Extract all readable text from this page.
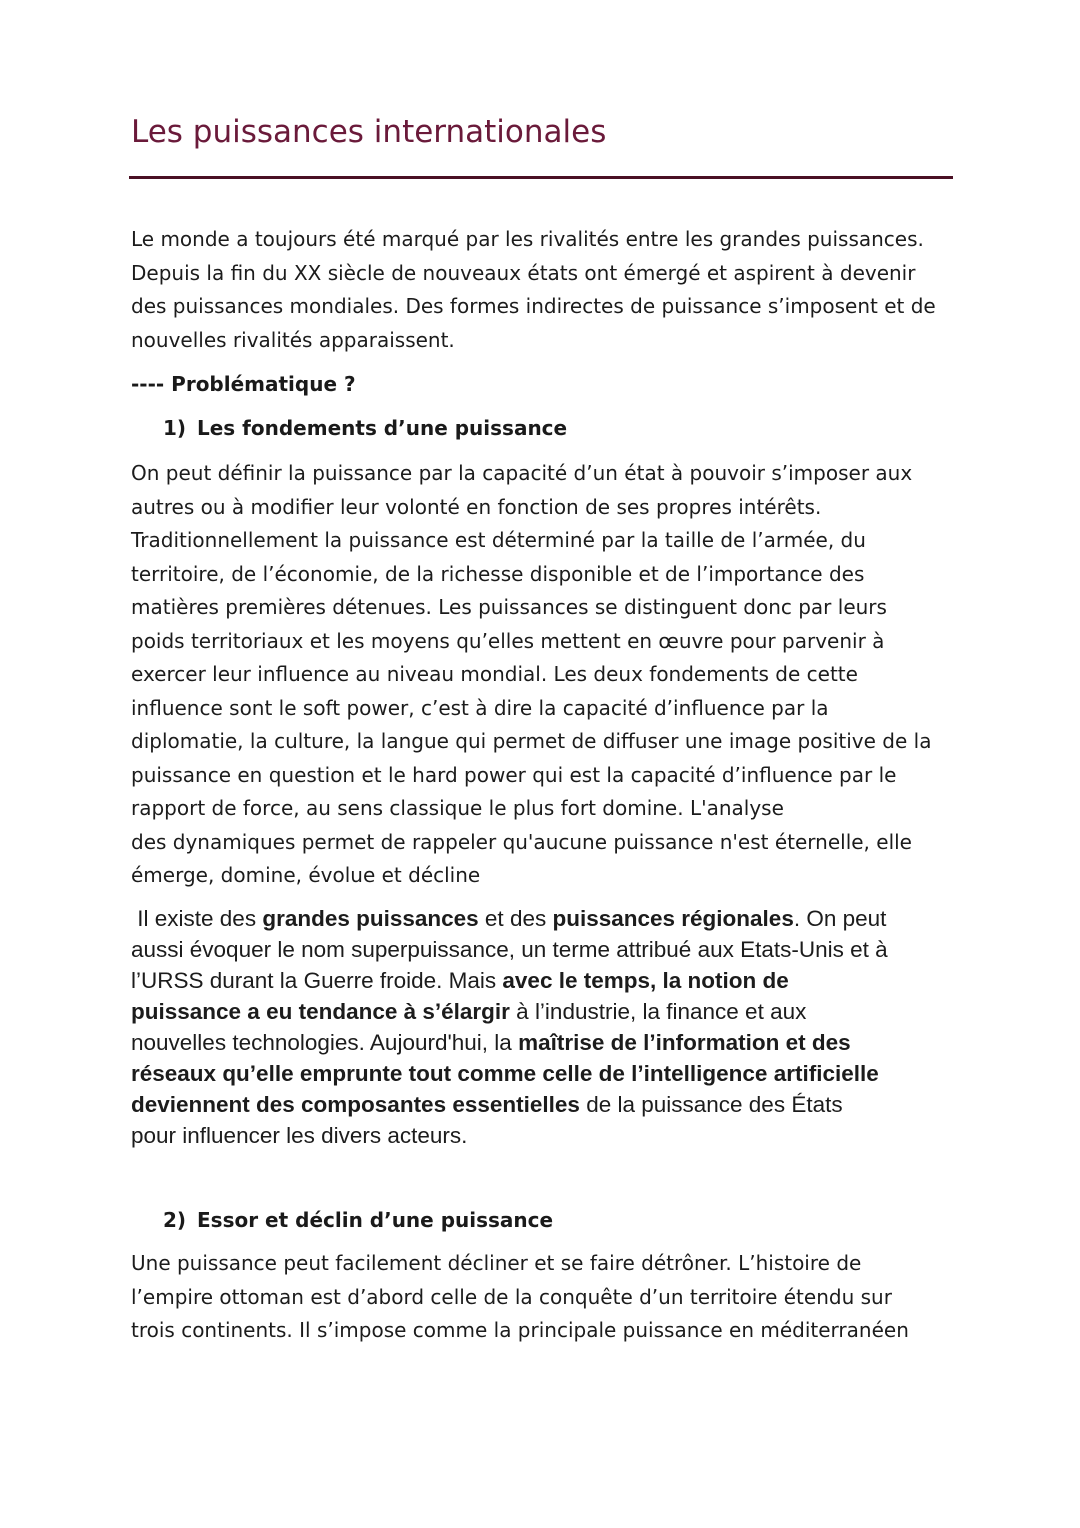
Les puissances internationales

Le monde a toujours été marqué par les rivalités entre les grandes puissances.
Depuis la fin du XX siècle de nouveaux états ont émergé et aspirent à devenir
des puissances mondiales. Des formes indirectes de puissance s’imposent et de
nouvelles rivalités apparaissent.

---- Problématique ?

1) Les fondements d’une puissance

On peut définir la puissance par la capacité d’un état à pouvoir s’imposer aux
autres ou à modifier leur volonté en fonction de ses propres intérêts.
Traditionnellement la puissance est déterminé par la taille de l’armée, du
territoire, de l’économie, de la richesse disponible et de l’importance des
matières premières détenues. Les puissances se distinguent donc par leurs
poids territoriaux et les moyens qu’elles mettent en œuvre pour parvenir à
exercer leur influence au niveau mondial. Les deux fondements de cette
influence sont le soft power, c’est à dire la capacité d’influence par la
diplomatie, la culture, la langue qui permet de diffuser une image positive de la
puissance en question et le hard power qui est la capacité d’influence par le
rapport de force, au sens classique le plus fort domine. L'analyse
des dynamiques permet de rappeler qu'aucune puissance n'est éternelle, elle
émerge, domine, évolue et décline

Il existe des grandes puissances et des puissances régionales. On peut
aussi évoquer le nom superpuissance, un terme attribué aux Etats-Unis et à
l’URSS durant la Guerre froide. Mais avec le temps, la notion de
puissance a eu tendance à s’élargir à l’industrie, la finance et aux
nouvelles technologies. Aujourd'hui, la maîtrise de l’information et des
réseaux qu’elle emprunte tout comme celle de l’intelligence artificielle
deviennent des composantes essentielles de la puissance des États
pour influencer les divers acteurs.

2) Essor et déclin d’une puissance

Une puissance peut facilement décliner et se faire détrôner. L’histoire de
l’empire ottoman est d’abord celle de la conquête d’un territoire étendu sur
trois continents. Il s’impose comme la principale puissance en méditerranéen
